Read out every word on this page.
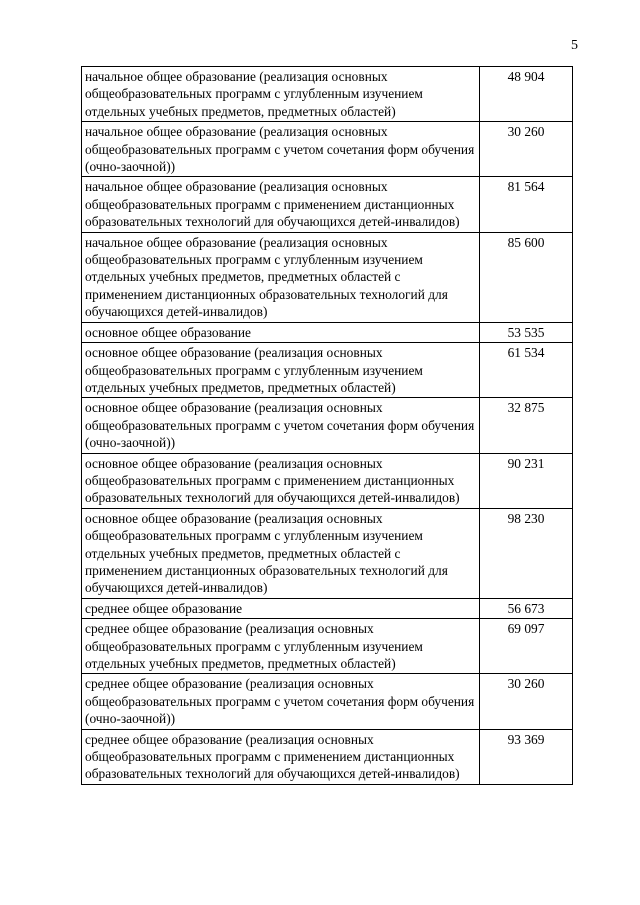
5
начальное общее образование (реализация основных общеобразовательных программ с углубленным изучением отдельных учебных предметов, предметных областей)	48 904
начальное общее образование (реализация основных общеобразовательных программ с учетом сочетания форм обучения (очно-заочной))	30 260
начальное общее образование (реализация основных общеобразовательных программ с применением дистанционных образовательных технологий для обучающихся детей-инвалидов)	81 564
начальное общее образование (реализация основных общеобразовательных программ с углубленным изучением отдельных учебных предметов, предметных областей с применением дистанционных образовательных технологий для обучающихся детей-инвалидов)	85 600
основное общее образование	53 535
основное общее образование (реализация основных общеобразовательных программ с углубленным изучением отдельных учебных предметов, предметных областей)	61 534
основное общее образование (реализация основных общеобразовательных программ с учетом сочетания форм обучения (очно-заочной))	32 875
основное общее образование (реализация основных общеобразовательных программ с применением дистанционных образовательных технологий для обучающихся детей-инвалидов)	90 231
основное общее образование (реализация основных общеобразовательных программ с углубленным изучением отдельных учебных предметов, предметных областей с применением дистанционных образовательных технологий для обучающихся детей-инвалидов)	98 230
среднее общее образование	56 673
среднее общее образование (реализация основных общеобразовательных программ с углубленным изучением отдельных учебных предметов, предметных областей)	69 097
среднее общее образование (реализация основных общеобразовательных программ с учетом сочетания форм обучения (очно-заочной))	30 260
среднее общее образование (реализация основных общеобразовательных программ с применением дистанционных образовательных технологий для обучающихся детей-инвалидов)	93 369
